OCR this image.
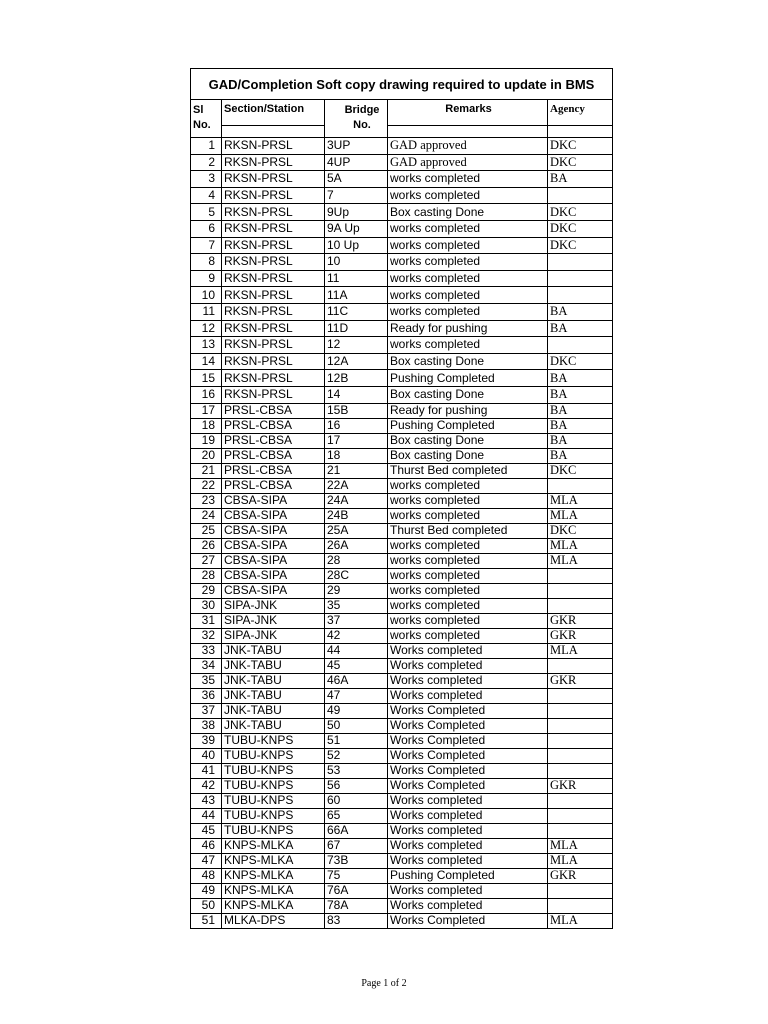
GAD/Completion Soft copy drawing required to update in BMS				
Sl No.	Section/Station	Bridge No.	Remarks	Agency

1	RKSN-PRSL	3UP	GAD approved	DKC
2	RKSN-PRSL	4UP	GAD approved	DKC
3	RKSN-PRSL	5A	works completed	BA
4	RKSN-PRSL	7	works completed	
5	RKSN-PRSL	9Up	Box casting Done	DKC
6	RKSN-PRSL	9A Up	works completed	DKC
7	RKSN-PRSL	10 Up	works completed	DKC
8	RKSN-PRSL	10	works completed	
9	RKSN-PRSL	11	works completed	
10	RKSN-PRSL	11A	works completed	
11	RKSN-PRSL	11C	works completed	BA
12	RKSN-PRSL	11D	Ready for pushing	BA
13	RKSN-PRSL	12	works completed	
14	RKSN-PRSL	12A	Box casting Done	DKC
15	RKSN-PRSL	12B	Pushing Completed	BA
16	RKSN-PRSL	14	Box casting Done	BA
17	PRSL-CBSA	15B	Ready for pushing	BA
18	PRSL-CBSA	16	Pushing Completed	BA
19	PRSL-CBSA	17	Box casting Done	BA
20	PRSL-CBSA	18	Box casting Done	BA
21	PRSL-CBSA	21	Thurst Bed completed	DKC
22	PRSL-CBSA	22A	works completed	
23	CBSA-SIPA	24A	works completed	MLA
24	CBSA-SIPA	24B	works completed	MLA
25	CBSA-SIPA	25A	Thurst Bed completed	DKC
26	CBSA-SIPA	26A	works completed	MLA
27	CBSA-SIPA	28	works completed	MLA
28	CBSA-SIPA	28C	works completed	
29	CBSA-SIPA	29	works completed	
30	SIPA-JNK	35	works completed	
31	SIPA-JNK	37	works completed	GKR
32	SIPA-JNK	42	works completed	GKR
33	JNK-TABU	44	Works completed	MLA
34	JNK-TABU	45	Works completed	
35	JNK-TABU	46A	Works completed	GKR
36	JNK-TABU	47	Works completed	
37	JNK-TABU	49	Works Completed	
38	JNK-TABU	50	Works Completed	
39	TUBU-KNPS	51	Works Completed	
40	TUBU-KNPS	52	Works Completed	
41	TUBU-KNPS	53	Works Completed	
42	TUBU-KNPS	56	Works Completed	GKR
43	TUBU-KNPS	60	Works completed	
44	TUBU-KNPS	65	Works completed	
45	TUBU-KNPS	66A	Works completed	
46	KNPS-MLKA	67	Works completed	MLA
47	KNPS-MLKA	73B	Works completed	MLA
48	KNPS-MLKA	75	Pushing Completed	GKR
49	KNPS-MLKA	76A	Works completed	
50	KNPS-MLKA	78A	Works completed	
51	MLKA-DPS	83	Works Completed	MLA
Page 1 of 2
